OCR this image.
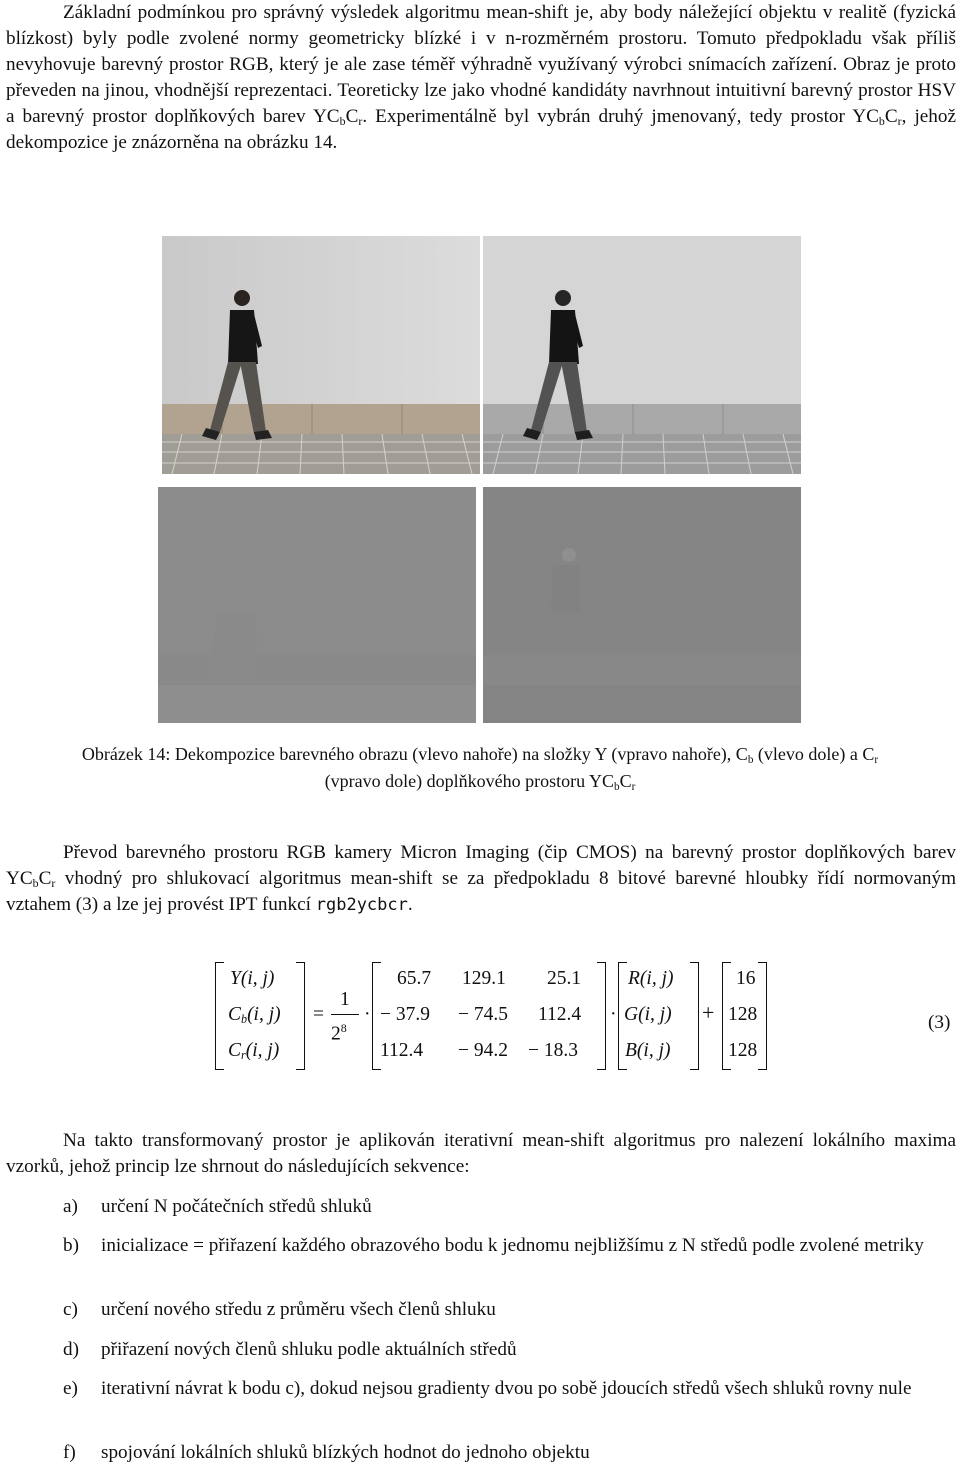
Základní podmínkou pro správný výsledek algoritmu mean-shift je, aby body náležející objektu v realitě (fyzická blízkost) byly podle zvolené normy geometricky blízké i v n-rozměrném prostoru. Tomuto předpokladu však příliš nevyhovuje barevný prostor RGB, který je ale zase téměř výhradně využívaný výrobci snímacích zařízení. Obraz je proto převeden na jinou, vhodnější reprezentaci. Teoreticky lze jako vhodné kandidáty navrhnout intuitivní barevný prostor HSV a barevný prostor doplňkových barev $YC_bC_r$. Experimentálně byl vybrán druhý jmenovaný, tedy prostor $YC_bC_r$, jehož dekompozice je znázorněna na obrázku 14.

Obrázek 14: Dekompozice barevného obrazu (vlevo nahoře) na složky Y (vpravo nahoře), $C_b$ (vlevo dole) a $C_r$
(vpravo dole) doplňkového prostoru $YC_bC_r$

Převod barevného prostoru RGB kamery Micron Imaging (čip CMOS) na barevný prostor doplňkových barev $YC_bC_r$ vhodný pro shlukovací algoritmus mean-shift se za předpokladu 8 bitové barevné hloubky řídí normovaným vztahem (3) a lze jej provést IPT funkcí rgb2ycbcr.

Y(i, j)
$C_b(i$, j)
$C_r(i$, j)
=
1
$2^8$
·
65.7 129.1 25.1
− 37.9 − 74.5 112.4
112.4 − 94.2 − 18.3
·
R(i, j)
G(i, j)
B(i, j)
+
16
128
128
(3)

Na takto transformovaný prostor je aplikován iterativní mean-shift algoritmus pro nalezení lokálního maxima vzorků, jehož princip lze shrnout do následujících sekvence:

a) určení N počátečních středů shluků
b) inicializace = přiřazení každého obrazového bodu k jednomu nejbližšímu z N středů podle zvolené metriky
c) určení nového středu z průměru všech členů shluku
d) přiřazení nových členů shluku podle aktuálních středů
e) iterativní návrat k bodu c), dokud nejsou gradienty dvou po sobě jdoucích středů všech shluků rovny nule
f) spojování lokálních shluků blízkých hodnot do jednoho objektu
